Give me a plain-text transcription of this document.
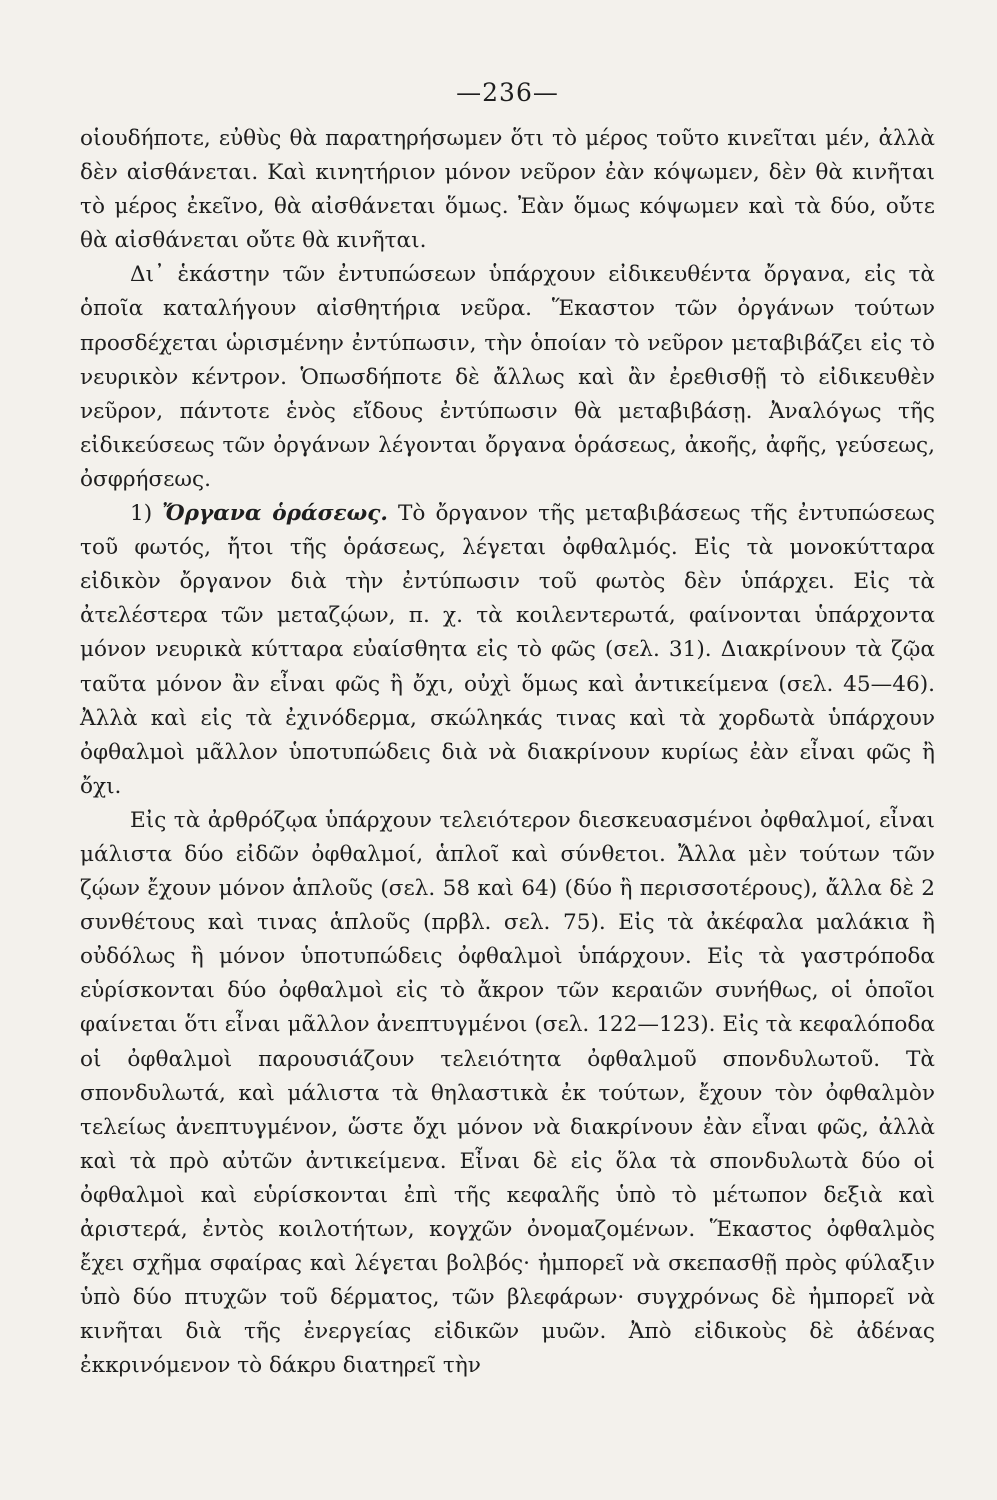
—236—

οἱουδήποτε, εὐθὺς θὰ παρατηρήσωμεν ὅτι τὸ μέρος τοῦτο κινεῖται μέν, ἀλλὰ δὲν αἰσθάνεται. Καὶ κινητήριον μόνον νεῦρον ἐὰν κόψωμεν, δὲν θὰ κινῆται τὸ μέρος ἐκεῖνο, θὰ αἰσθάνεται ὅμως. Ἐὰν ὅμως κόψωμεν καὶ τὰ δύο, οὔτε θὰ αἰσθάνεται οὔτε θὰ κινῆται.

Δι᾽ ἑκάστην τῶν ἐντυπώσεων ὑπάρχουν εἰδικευθέντα ὄργανα, εἰς τὰ ὁποῖα καταλήγουν αἰσθητήρια νεῦρα. Ἕκαστον τῶν ὀργάνων τούτων προσδέχεται ὡρισμένην ἐντύπωσιν, τὴν ὁποίαν τὸ νεῦρον μεταβιβάζει εἰς τὸ νευρικὸν κέντρον. Ὁπωσδήποτε δὲ ἄλλως καὶ ἂν ἐρεθισθῇ τὸ εἰδικευθὲν νεῦρον, πάντοτε ἑνὸς εἴδους ἐντύπωσιν θὰ μεταβιβάσῃ. Ἀναλόγως τῆς εἰδικεύσεως τῶν ὀργάνων λέγονται ὄργανα ὁράσεως, ἀκοῆς, ἀφῆς, γεύσεως, ὀσφρήσεως.

1) Ὄργανα ὁράσεως. Τὸ ὄργανον τῆς μεταβιβάσεως τῆς ἐντυπώσεως τοῦ φωτός, ἤτοι τῆς ὁράσεως, λέγεται ὀφθαλμός. Εἰς τὰ μονοκύτταρα εἰδικὸν ὄργανον διὰ τὴν ἐντύπωσιν τοῦ φωτὸς δὲν ὑπάρχει. Εἰς τὰ ἀτελέστερα τῶν μεταζῴων, π. χ. τὰ κοιλεντερωτά, φαίνονται ὑπάρχοντα μόνον νευρικὰ κύτταρα εὐαίσθητα εἰς τὸ φῶς (σελ. 31). Διακρίνουν τὰ ζῷα ταῦτα μόνον ἂν εἶναι φῶς ἢ ὄχι, οὐχὶ ὅμως καὶ ἀντικείμενα (σελ. 45—46). Ἀλλὰ καὶ εἰς τὰ ἐχινόδερμα, σκώληκάς τινας καὶ τὰ χορδωτὰ ὑπάρχουν ὀφθαλμοὶ μᾶλλον ὑποτυπώδεις διὰ νὰ διακρίνουν κυρίως ἐὰν εἶναι φῶς ἢ ὄχι.

Εἰς τὰ ἀρθρόζῳα ὑπάρχουν τελειότερον διεσκευασμένοι ὀφθαλμοί, εἶναι μάλιστα δύο εἰδῶν ὀφθαλμοί, ἁπλοῖ καὶ σύνθετοι. Ἄλλα μὲν τούτων τῶν ζῴων ἔχουν μόνον ἁπλοῦς (σελ. 58 καὶ 64) (δύο ἢ περισσοτέρους), ἄλλα δὲ 2 συνθέτους καὶ τινας ἁπλοῦς (πρβλ. σελ. 75). Εἰς τὰ ἀκέφαλα μαλάκια ἢ οὐδόλως ἢ μόνον ὑποτυπώδεις ὀφθαλμοὶ ὑπάρχουν. Εἰς τὰ γαστρόποδα εὑρίσκονται δύο ὀφθαλμοὶ εἰς τὸ ἄκρον τῶν κεραιῶν συνήθως, οἱ ὁποῖοι φαίνεται ὅτι εἶναι μᾶλλον ἀνεπτυγμένοι (σελ. 122—123). Εἰς τὰ κεφαλόποδα οἱ ὀφθαλμοὶ παρουσιάζουν τελειότητα ὀφθαλμοῦ σπονδυλωτοῦ. Τὰ σπονδυλωτά, καὶ μάλιστα τὰ θηλαστικὰ ἐκ τούτων, ἔχουν τὸν ὀφθαλμὸν τελείως ἀνεπτυγμένον, ὥστε ὄχι μόνον νὰ διακρίνουν ἐὰν εἶναι φῶς, ἀλλὰ καὶ τὰ πρὸ αὐτῶν ἀντικείμενα. Εἶναι δὲ εἰς ὅλα τὰ σπονδυλωτὰ δύο οἱ ὀφθαλμοὶ καὶ εὑρίσκονται ἐπὶ τῆς κεφαλῆς ὑπὸ τὸ μέτωπον δεξιὰ καὶ ἀριστερά, ἐντὸς κοιλοτήτων, κογχῶν ὀνομαζομένων. Ἕκαστος ὀφθαλμὸς ἔχει σχῆμα σφαίρας καὶ λέγεται βολβός· ἠμπορεῖ νὰ σκεπασθῇ πρὸς φύλαξιν ὑπὸ δύο πτυχῶν τοῦ δέρματος, τῶν βλεφάρων· συγχρόνως δὲ ἠμπορεῖ νὰ κινῆται διὰ τῆς ἐνεργείας εἰδικῶν μυῶν. Ἀπὸ εἰδικοὺς δὲ ἀδένας ἐκκρινόμενον τὸ δάκρυ διατηρεῖ τὴν
